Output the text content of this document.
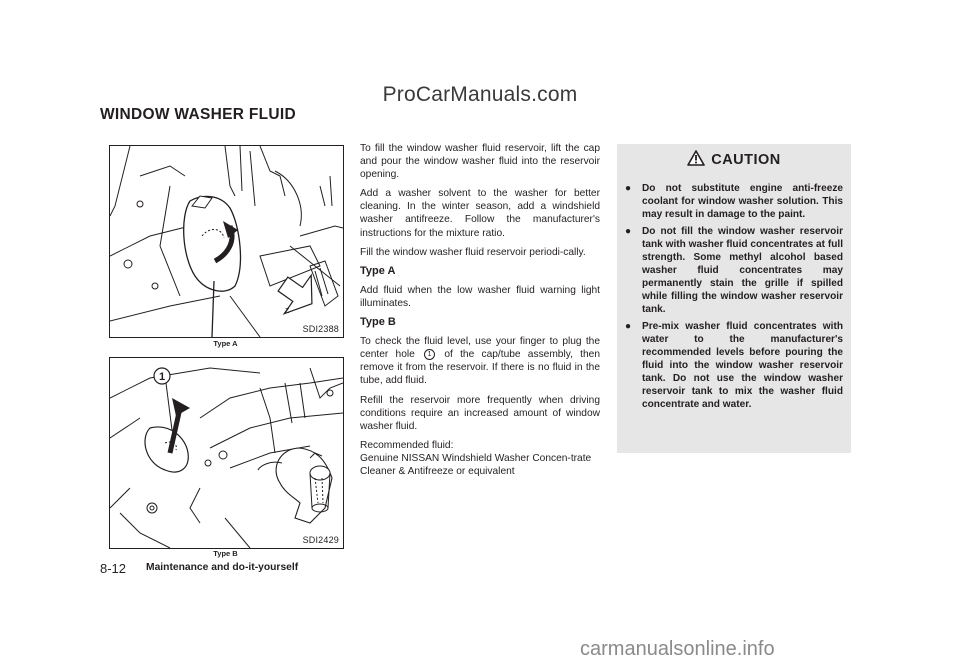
ProCarManuals.com
WINDOW WASHER FLUID
Z
SDI2388
Type A
1
SDI2429
Type B

To fill the window washer fluid reservoir, lift the cap and pour the window washer fluid into the reservoir opening.

Add a washer solvent to the washer for better cleaning. In the winter season, add a windshield washer antifreeze. Follow the manufacturer's instructions for the mixture ratio.

Fill the window washer fluid reservoir periodi-cally.

Type A

Add fluid when the low washer fluid warning light illuminates.

Type B

To check the fluid level, use your finger to plug the center hole 1 of the cap/tube assembly, then remove it from the reservoir. If there is no fluid in the tube, add fluid.

Refill the reservoir more frequently when driving conditions require an increased amount of window washer fluid.

Recommended fluid:
Genuine NISSAN Windshield Washer Concen-trate Cleaner & Antifreeze or equivalent

CAUTION
● Do not substitute engine anti-freeze coolant for window washer solution. This may result in damage to the paint.
● Do not fill the window washer reservoir tank with washer fluid concentrates at full strength. Some methyl alcohol based washer fluid concentrates may permanently stain the grille if spilled while filling the window washer reservoir tank.
● Pre-mix washer fluid concentrates with water to the manufacturer's recommended levels before pouring the fluid into the window washer reservoir tank. Do not use the window washer reservoir tank to mix the washer fluid concentrate and water.
8-12 Maintenance and do-it-yourself
carmanualsonline.info
